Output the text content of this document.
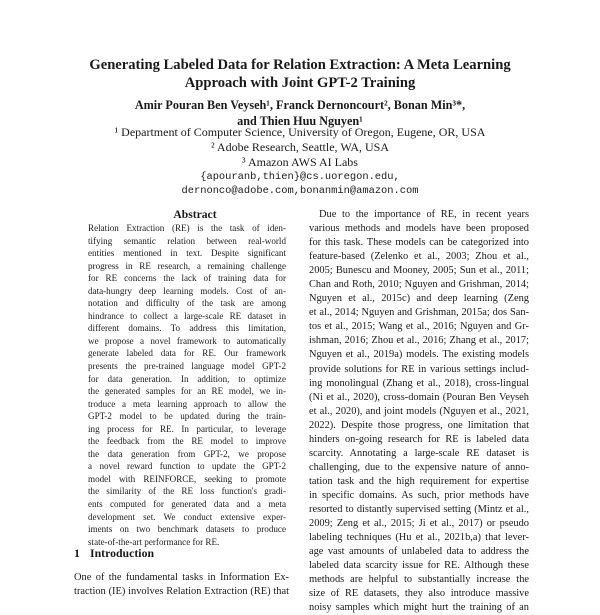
Generating Labeled Data for Relation Extraction: A Meta Learning
Approach with Joint GPT-2 Training
Amir Pouran Ben Veyseh¹, Franck Dernoncourt², Bonan Min³*,
and Thien Huu Nguyen¹
¹ Department of Computer Science, University of Oregon, Eugene, OR, USA
² Adobe Research, Seattle, WA, USA
³ Amazon AWS AI Labs
{apouranb,thien}@cs.uoregon.edu,
dernonco@adobe.com,bonanmin@amazon.com
Abstract
Relation Extraction (RE) is the task of iden-
tifying semantic relation between real-world
entities mentioned in text. Despite significant
progress in RE research, a remaining challenge
for RE concerns the lack of training data for
data-hungry deep learning models. Cost of an-
notation and difficulty of the task are among
hindrance to collect a large-scale RE dataset in
different domains. To address this limitation,
we propose a novel framework to automatically
generate labeled data for RE. Our framework
presents the pre-trained language model GPT-2
for data generation. In addition, to optimize
the generated samples for an RE model, we in-
troduce a meta learning approach to allow the
GPT-2 model to be updated during the train-
ing process for RE. In particular, to leverage
the feedback from the RE model to improve
the data generation from GPT-2, we propose
a novel reward function to update the GPT-2
model with REINFORCE, seeking to promote
the similarity of the RE loss function's gradi-
ents computed for generated data and a meta
development set. We conduct extensive exper-
iments on two benchmark datasets to produce
state-of-the-art performance for RE.
1 Introduction
One of the fundamental tasks in Information Ex-
traction (IE) involves Relation Extraction (RE) that
Due to the importance of RE, in recent years
various methods and models have been proposed
for this task. These models can be categorized into
feature-based (Zelenko et al., 2003; Zhou et al.,
2005; Bunescu and Mooney, 2005; Sun et al., 2011;
Chan and Roth, 2010; Nguyen and Grishman, 2014;
Nguyen et al., 2015c) and deep learning (Zeng
et al., 2014; Nguyen and Grishman, 2015a; dos San-
tos et al., 2015; Wang et al., 2016; Nguyen and Gr-
ishman, 2016; Zhou et al., 2016; Zhang et al., 2017;
Nguyen et al., 2019a) models. The existing models
provide solutions for RE in various settings includ-
ing monolingual (Zhang et al., 2018), cross-lingual
(Ni et al., 2020), cross-domain (Pouran Ben Veyseh
et al., 2020), and joint models (Nguyen et al., 2021,
2022). Despite those progress, one limitation that
hinders on-going research for RE is labeled data
scarcity. Annotating a large-scale RE dataset is
challenging, due to the expensive nature of anno-
tation task and the high requirement for expertise
in specific domains. As such, prior methods have
resorted to distantly supervised setting (Mintz et al.,
2009; Zeng et al., 2015; Ji et al., 2017) or pseudo
labeling techniques (Hu et al., 2021b,a) that lever-
age vast amounts of unlabeled data to address the
labeled data scarcity issue for RE. Although these
methods are helpful to substantially increase the
size of RE datasets, they also introduce massive
noisy samples which might hurt the training of an
